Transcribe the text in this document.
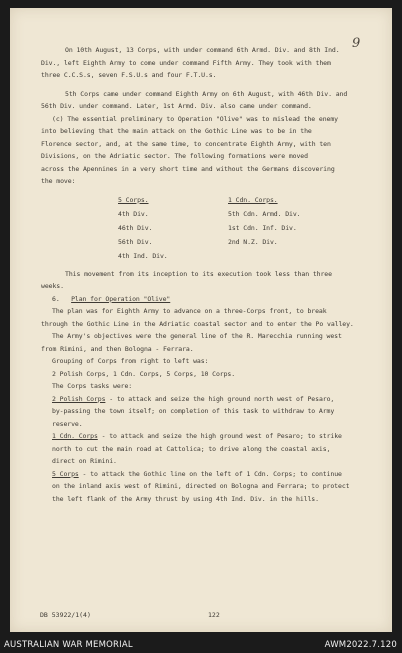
9
On 10th August, 13 Corps, with under command 6th Armd. Div. and 8th Ind.
Div., left Eighth Army to come under command Fifth Army. They took with them
three C.C.S.s, seven F.S.U.s and four F.T.U.s.
5th Corps came under command Eighth Army on 6th August, with 46th Div. and
56th Div. under command. Later, 1st Armd. Div. also came under command.
(c) The essential preliminary to Operation "Olive" was to mislead the enemy
into believing that the main attack on the Gothic Line was to be in the
Florence sector, and, at the same time, to concentrate Eighth Army, with ten
Divisions, on the Adriatic sector. The following formations were moved
across the Apennines in a very short time and without the Germans discovering
the move:
5 Corps.
4th Div.
46th Div.
56th Div.
4th Ind. Div.
1 Cdn. Corps.
5th Cdn. Armd. Div.
1st Cdn. Inf. Div.
2nd N.Z. Div.
This movement from its inception to its execution took less than three
weeks.
6. Plan for Operation "Olive"
The plan was for Eighth Army to advance on a three-Corps front, to break
through the Gothic Line in the Adriatic coastal sector and to enter the Po valley.
The Army's objectives were the general line of the R. Marecchia running west
from Rimini, and then Bologna - Ferrara.
Grouping of Corps from right to left was:
2 Polish Corps, 1 Cdn. Corps, 5 Corps, 10 Corps.
The Corps tasks were:
2 Polish Corps - to attack and seize the high ground north west of Pesaro,
by-passing the town itself; on completion of this task to withdraw to Army
reserve.
1 Cdn. Corps - to attack and seize the high ground west of Pesaro; to strike
north to cut the main road at Cattolica; to drive along the coastal axis,
direct on Rimini.
5 Corps - to attack the Gothic line on the left of 1 Cdn. Corps; to continue
on the inland axis west of Rimini, directed on Bologna and Ferrara; to protect
the left flank of the Army thrust by using 4th Ind. Div. in the hills.
DB 53922/1(4)	122
AUSTRALIAN WAR MEMORIAL	AWM2022.7.120
